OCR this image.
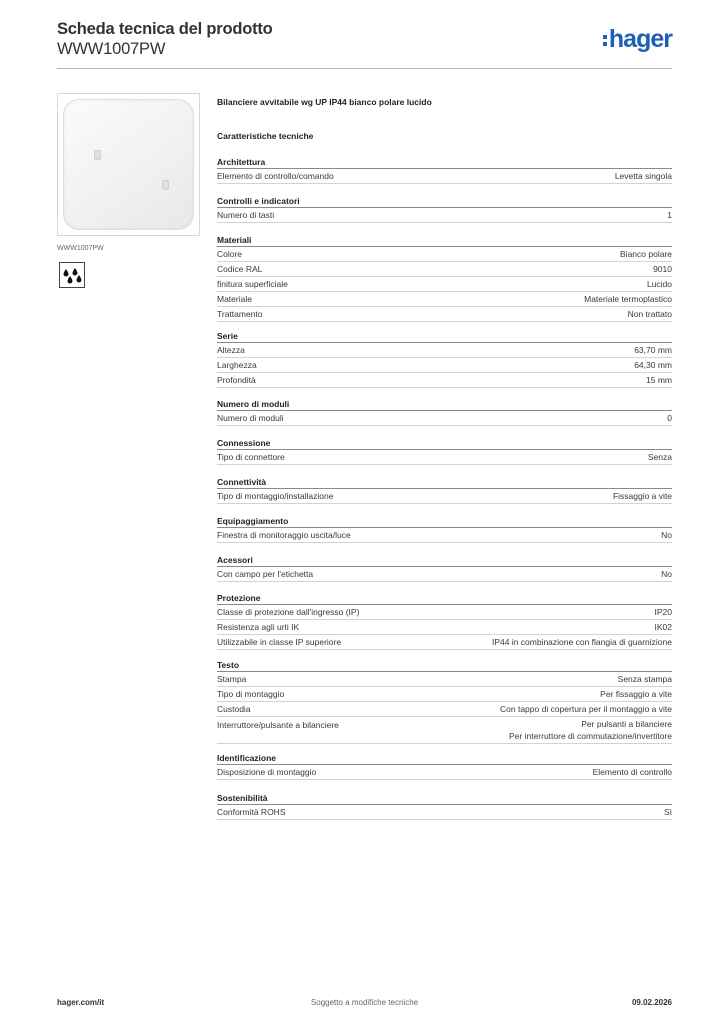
Scheda tecnica del prodotto
WWW1007PW	hager
WWW1007PW
Bilanciere avvitabile wg UP IP44 bianco polare lucido
Caratteristiche tecniche
Architettura
Elemento di controllo/comando	Levetta singola
Controlli e indicatori
Numero di tasti	1
Materiali
Colore	Bianco polare
Codice RAL	9010
finitura superficiale	Lucido
Materiale	Materiale termoplastico
Trattamento	Non trattato
Serie
Altezza	63,70 mm
Larghezza	64,30 mm
Profondità	15 mm
Numero di moduli
Numero di moduli	0
Connessione
Tipo di connettore	Senza
Connettività
Tipo di montaggio/installazione	Fissaggio a vite
Equipaggiamento
Finestra di monitoraggio uscita/luce	No
Acessori
Con campo per l'etichetta	No
Protezione
Classe di protezione dall'ingresso (IP)	IP20
Resistenza agli urti IK	IK02
Utilizzabile in classe IP superiore	IP44 in combinazione con flangia di guarnizione
Testo
Stampa	Senza stampa
Tipo di montaggio	Per fissaggio a vite
Custodia	Con tappo di copertura per il montaggio a vite
Interruttore/pulsante a bilanciere	Per pulsanti a bilanciere
Per interruttore di commutazione/invertitore
Identificazione
Disposizione di montaggio	Elemento di controllo
Sostenibilità
Conformità ROHS	Sì
Soggetto a modifiche tecniche
hager.com/it	09.02.2026
